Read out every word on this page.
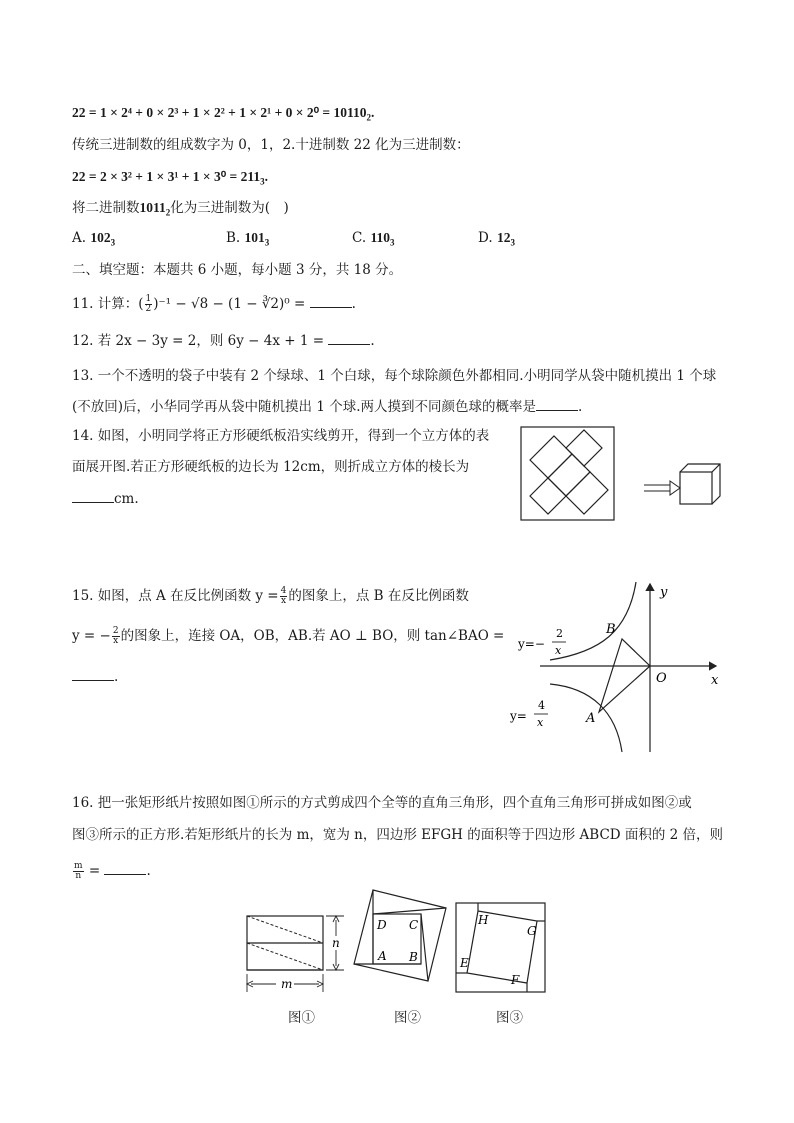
$22 = 1 \times 2^4 + 0 \times 2^3 + 1 \times 2^2 + 1 \times 2^1 + 0 \times 2^0 = 10110_2$.
传统三进制数的组成数字为 0，1，2.十进制数 22 化为三进制数：
$22 = 2 \times 3^2 + 1 \times 3^1 + 1 \times 3^0 = 211_3$.
将二进制数$1011_2$化为三进制数为(　)
A. $102_3$	B. $101_3$	C. $110_3$	D. $12_3$
二、填空题：本题共 6 小题，每小题 3 分，共 18 分。
11. 计算：( $\frac{1}{2} )^{-1} - √8 - (1$ − ∛2)⁰ =	.
12. 若 2x − 3y = 2，则 6y − 4x + 1 =	.
13. 一个不透明的袋子中装有 2 个绿球、1 个白球，每个球除颜色外都相同.小明同学从袋中随机摸出 1 个球
(不放回)后，小华同学再从袋中随机摸出 1 个球.两人摸到不同颜色球的概率是	.
14. 如图，小明同学将正方形硬纸板沿实线剪开，得到一个立方体的表
面展开图.若正方形硬纸板的边长为 12cm，则折成立方体的棱长为
cm.
15. 如图，点 A 在反比例函数 $y = \frac{4}{x}$ 的图象上，点 B 在反比例函数
y = − $\frac{2}{x}$ 的图象上，连接 OA，OB，AB.若 AO ⊥ BO，则 tan∠BAO =
.
y
x
O
B
A
y=−
2
x
y=
4
x
16. 把一张矩形纸片按照如图①所示的方式剪成四个全等的直角三角形，四个直角三角形可拼成如图②或
图③所示的正方形.若矩形纸片的长为 m，宽为 n，四边形 EFGH 的面积等于四边形 ABCD 面积的 2 倍，则
$\frac{m}{n}$ =	.
n
m
D C
A B
H
G
E
F
图①	图②	图③
